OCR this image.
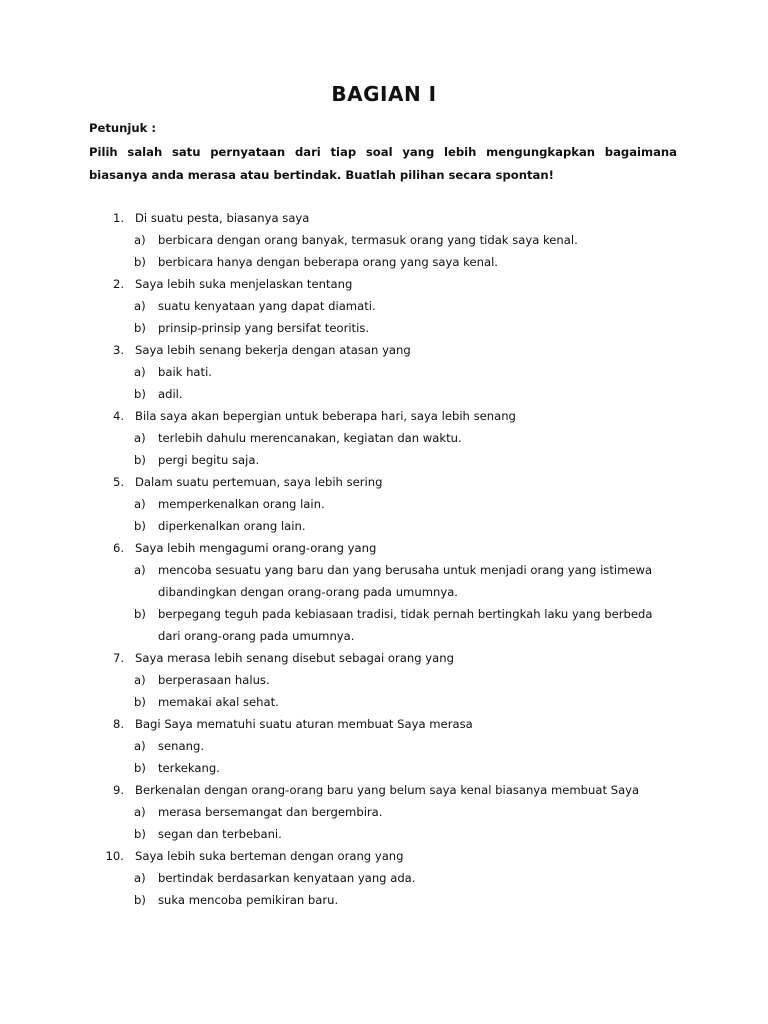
BAGIAN I
Petunjuk :
Pilih salah satu pernyataan dari tiap soal yang lebih mengungkapkan bagaimana biasanya anda merasa atau bertindak. Buatlah pilihan secara spontan!
1. Di suatu pesta, biasanya saya
a) berbicara dengan orang banyak, termasuk orang yang tidak saya kenal.
b) berbicara hanya dengan beberapa orang yang saya kenal.
2. Saya lebih suka menjelaskan tentang
a) suatu kenyataan yang dapat diamati.
b) prinsip-prinsip yang bersifat teoritis.
3. Saya lebih senang bekerja dengan atasan yang
a) baik hati.
b) adil.
4. Bila saya akan bepergian untuk beberapa hari, saya lebih senang
a) terlebih dahulu merencanakan, kegiatan dan waktu.
b) pergi begitu saja.
5. Dalam suatu pertemuan, saya lebih sering
a) memperkenalkan orang lain.
b) diperkenalkan orang lain.
6. Saya lebih mengagumi orang-orang yang
a) mencoba sesuatu yang baru dan yang berusaha untuk menjadi orang yang istimewa dibandingkan dengan orang-orang pada umumnya.
b) berpegang teguh pada kebiasaan tradisi, tidak pernah bertingkah laku yang berbeda dari orang-orang pada umumnya.
7. Saya merasa lebih senang disebut sebagai orang yang
a) berperasaan halus.
b) memakai akal sehat.
8. Bagi Saya mematuhi suatu aturan membuat Saya merasa
a) senang.
b) terkekang.
9. Berkenalan dengan orang-orang baru yang belum saya kenal biasanya membuat Saya
a) merasa bersemangat dan bergembira.
b) segan dan terbebani.
10. Saya lebih suka berteman dengan orang yang
a) bertindak berdasarkan kenyataan yang ada.
b) suka mencoba pemikiran baru.
